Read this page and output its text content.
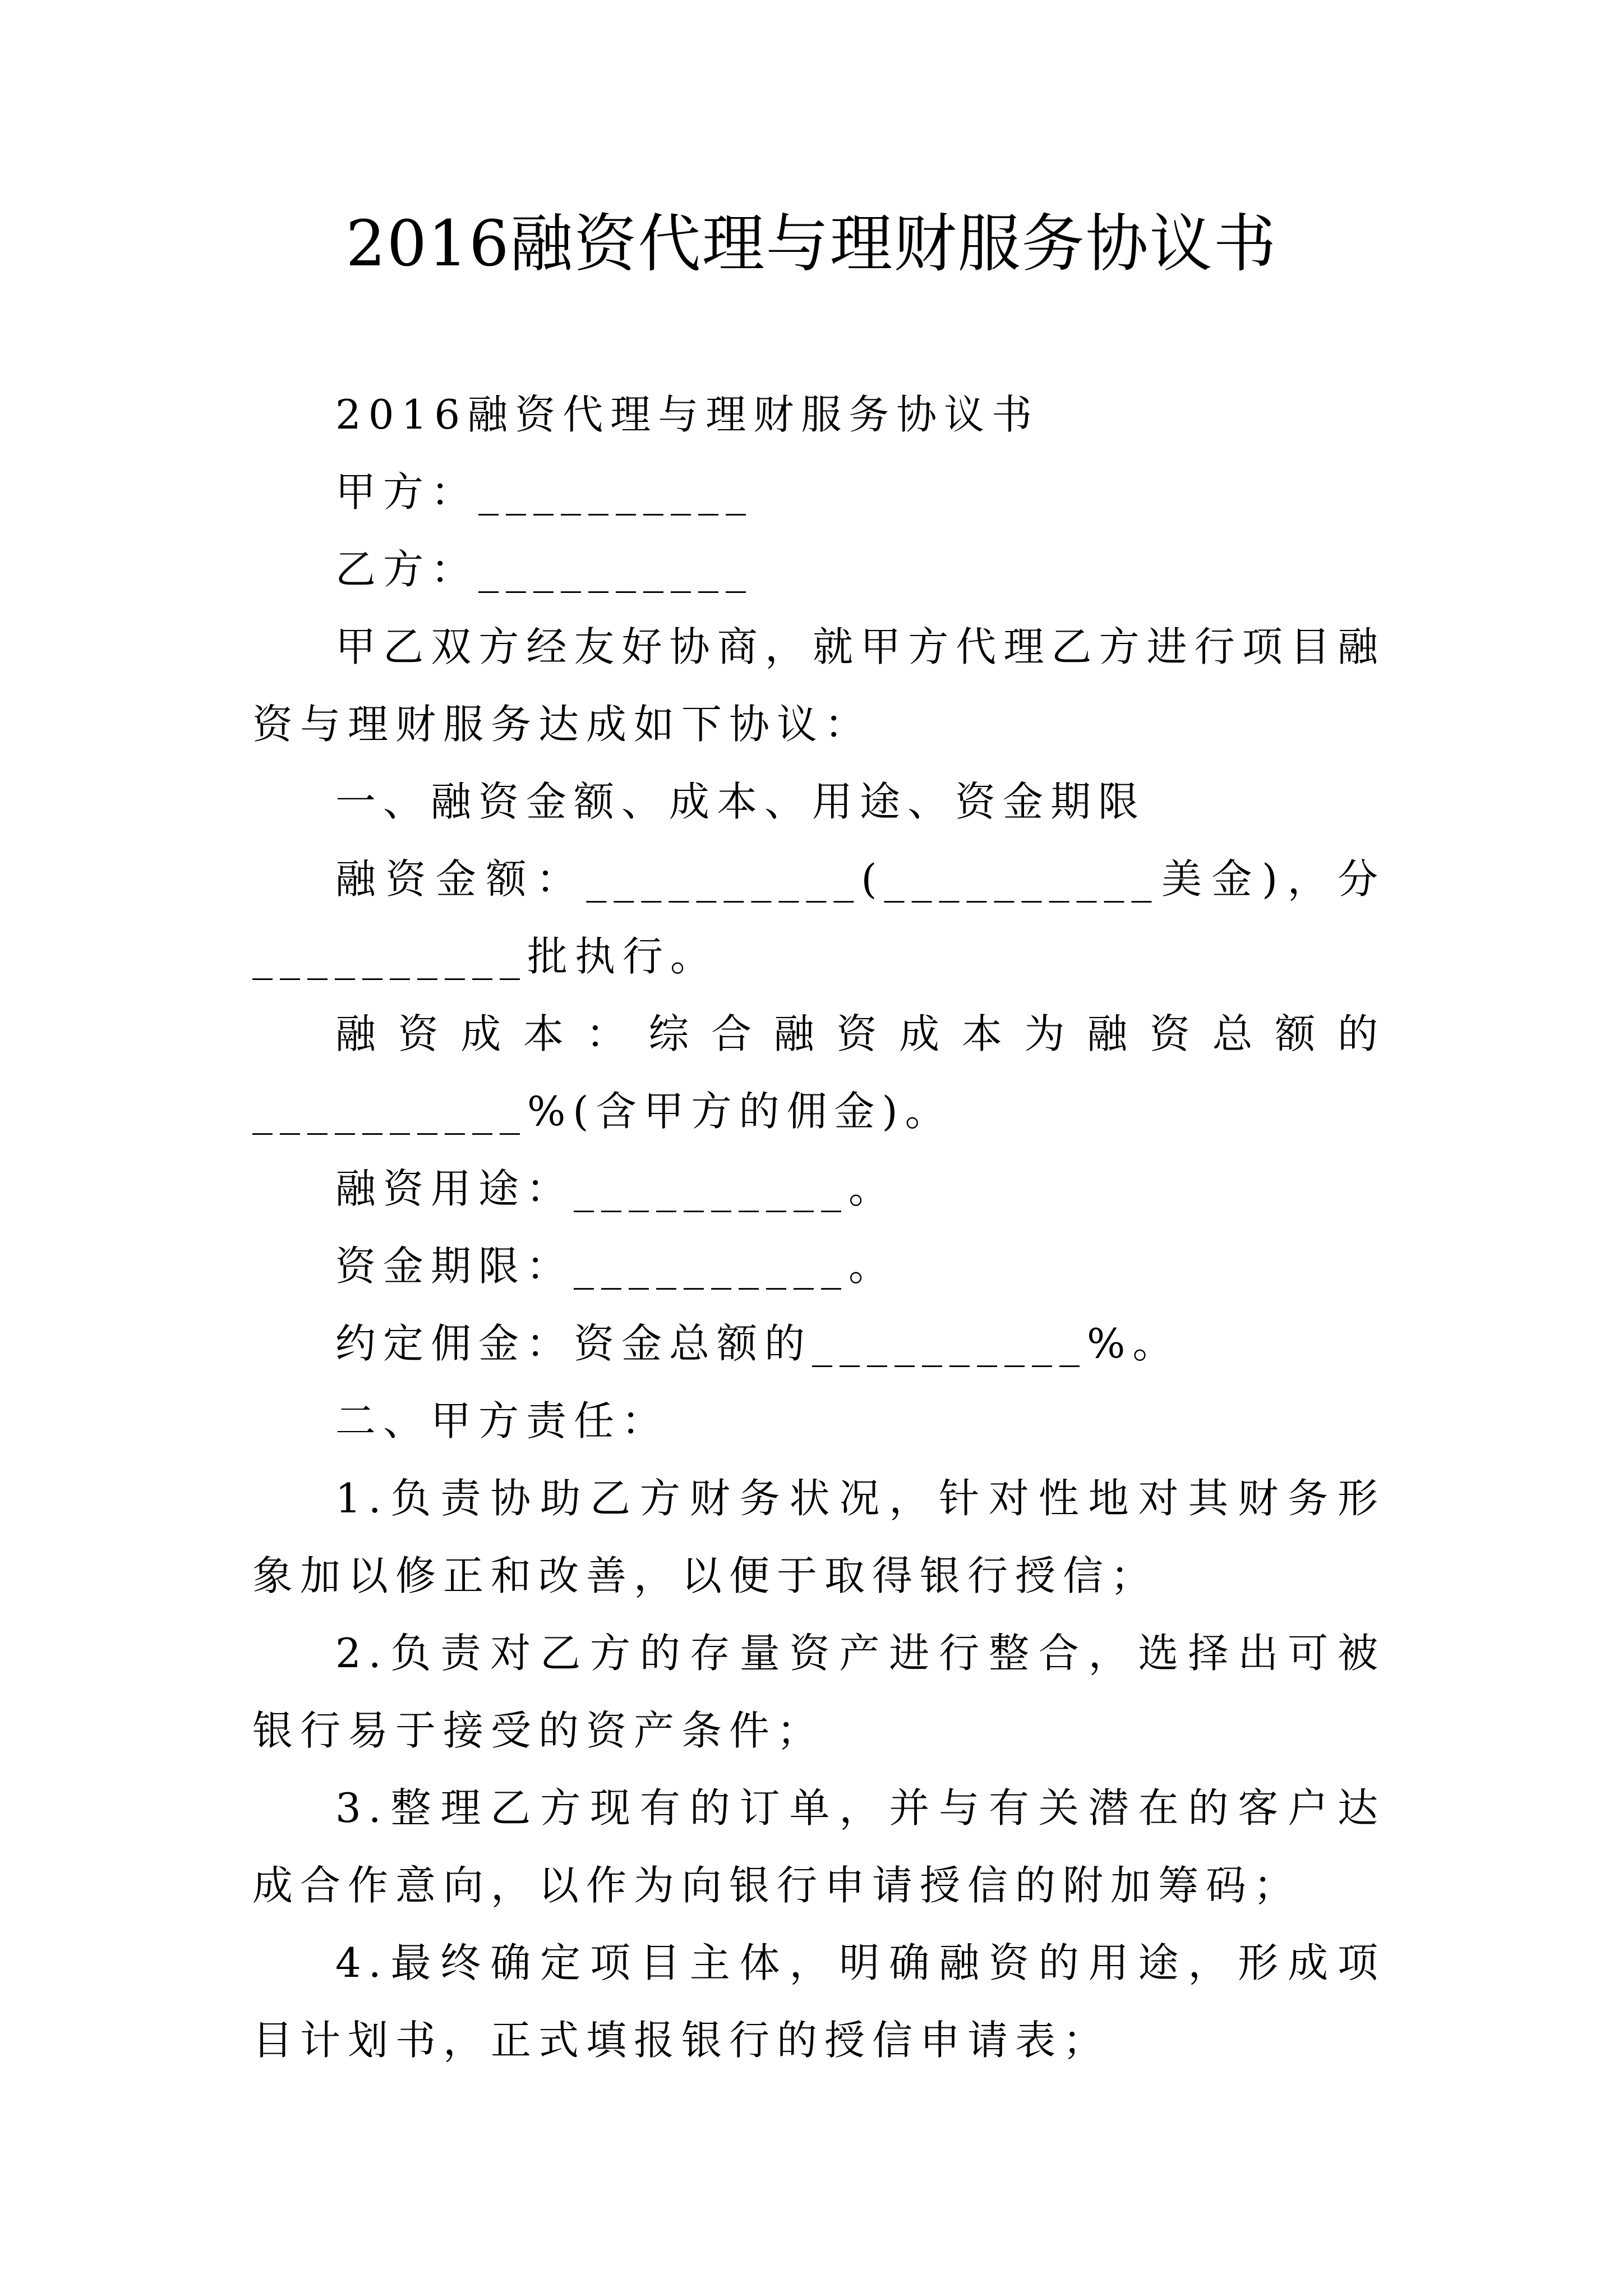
2016融资代理与理财服务协议书

2016融资代理与理财服务协议书

甲方：__________

乙方：__________

甲乙双方经友好协商，就甲方代理乙方进行项目融资与理财服务达成如下协议：

一、融资金额、成本、用途、资金期限

融资金额：__________(__________美金)，分__________批执行。

融资成本：综合融资成本为融资总额的__________%(含甲方的佣金)。

融资用途：__________。

资金期限：__________。

约定佣金：资金总额的__________%。

二、甲方责任：

1.负责协助乙方财务状况，针对性地对其财务形象加以修正和改善，以便于取得银行授信；

2.负责对乙方的存量资产进行整合，选择出可被银行易于接受的资产条件；

3.整理乙方现有的订单，并与有关潜在的客户达成合作意向，以作为向银行申请授信的附加筹码；

4.最终确定项目主体，明确融资的用途，形成项目计划书，正式填报银行的授信申请表；
